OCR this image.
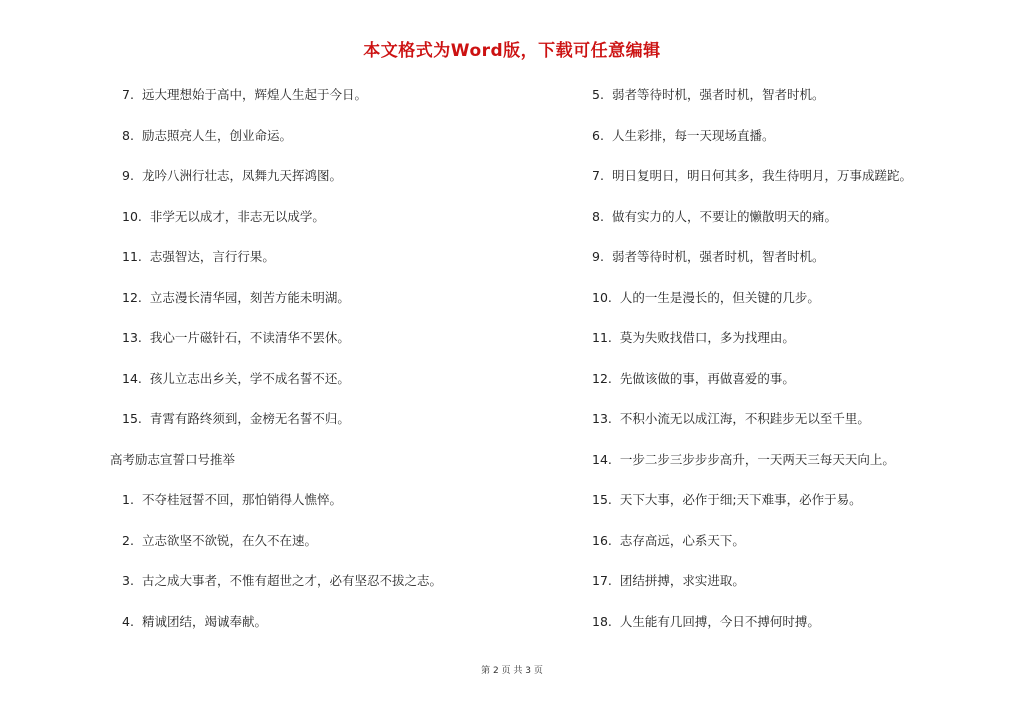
本文格式为Word版，下载可任意编辑
7. 远大理想始于高中，辉煌人生起于今日。
8. 励志照亮人生，创业命运。
9. 龙吟八洲行壮志，凤舞九天挥鸿图。
10. 非学无以成才，非志无以成学。
11. 志强智达，言行行果。
12. 立志漫长清华园，刻苦方能未明湖。
13. 我心一片磁针石，不读清华不罢休。
14. 孩儿立志出乡关，学不成名誓不还。
15. 青霄有路终须到，金榜无名誓不归。
高考励志宣誓口号推举
1. 不夺桂冠誓不回，那怕销得人憔悴。
2. 立志欲坚不欲锐，在久不在速。
3. 古之成大事者，不惟有超世之才，必有坚忍不拔之志。
4. 精诚团结，竭诚奉献。
5. 弱者等待时机，强者时机，智者时机。
6. 人生彩排，每一天现场直播。
7. 明日复明日，明日何其多，我生待明月，万事成蹉跎。
8. 做有实力的人，不要让的懒散明天的痛。
9. 弱者等待时机，强者时机，智者时机。
10. 人的一生是漫长的，但关键的几步。
11. 莫为失败找借口，多为找理由。
12. 先做该做的事，再做喜爱的事。
13. 不积小流无以成江海，不积跬步无以至千里。
14. 一步二步三步步步高升，一天两天三每天天向上。
15. 天下大事，必作于细;天下难事，必作于易。
16. 志存高远，心系天下。
17. 团结拼搏，求实进取。
18. 人生能有几回搏，今日不搏何时搏。
第 2 页 共 3 页
